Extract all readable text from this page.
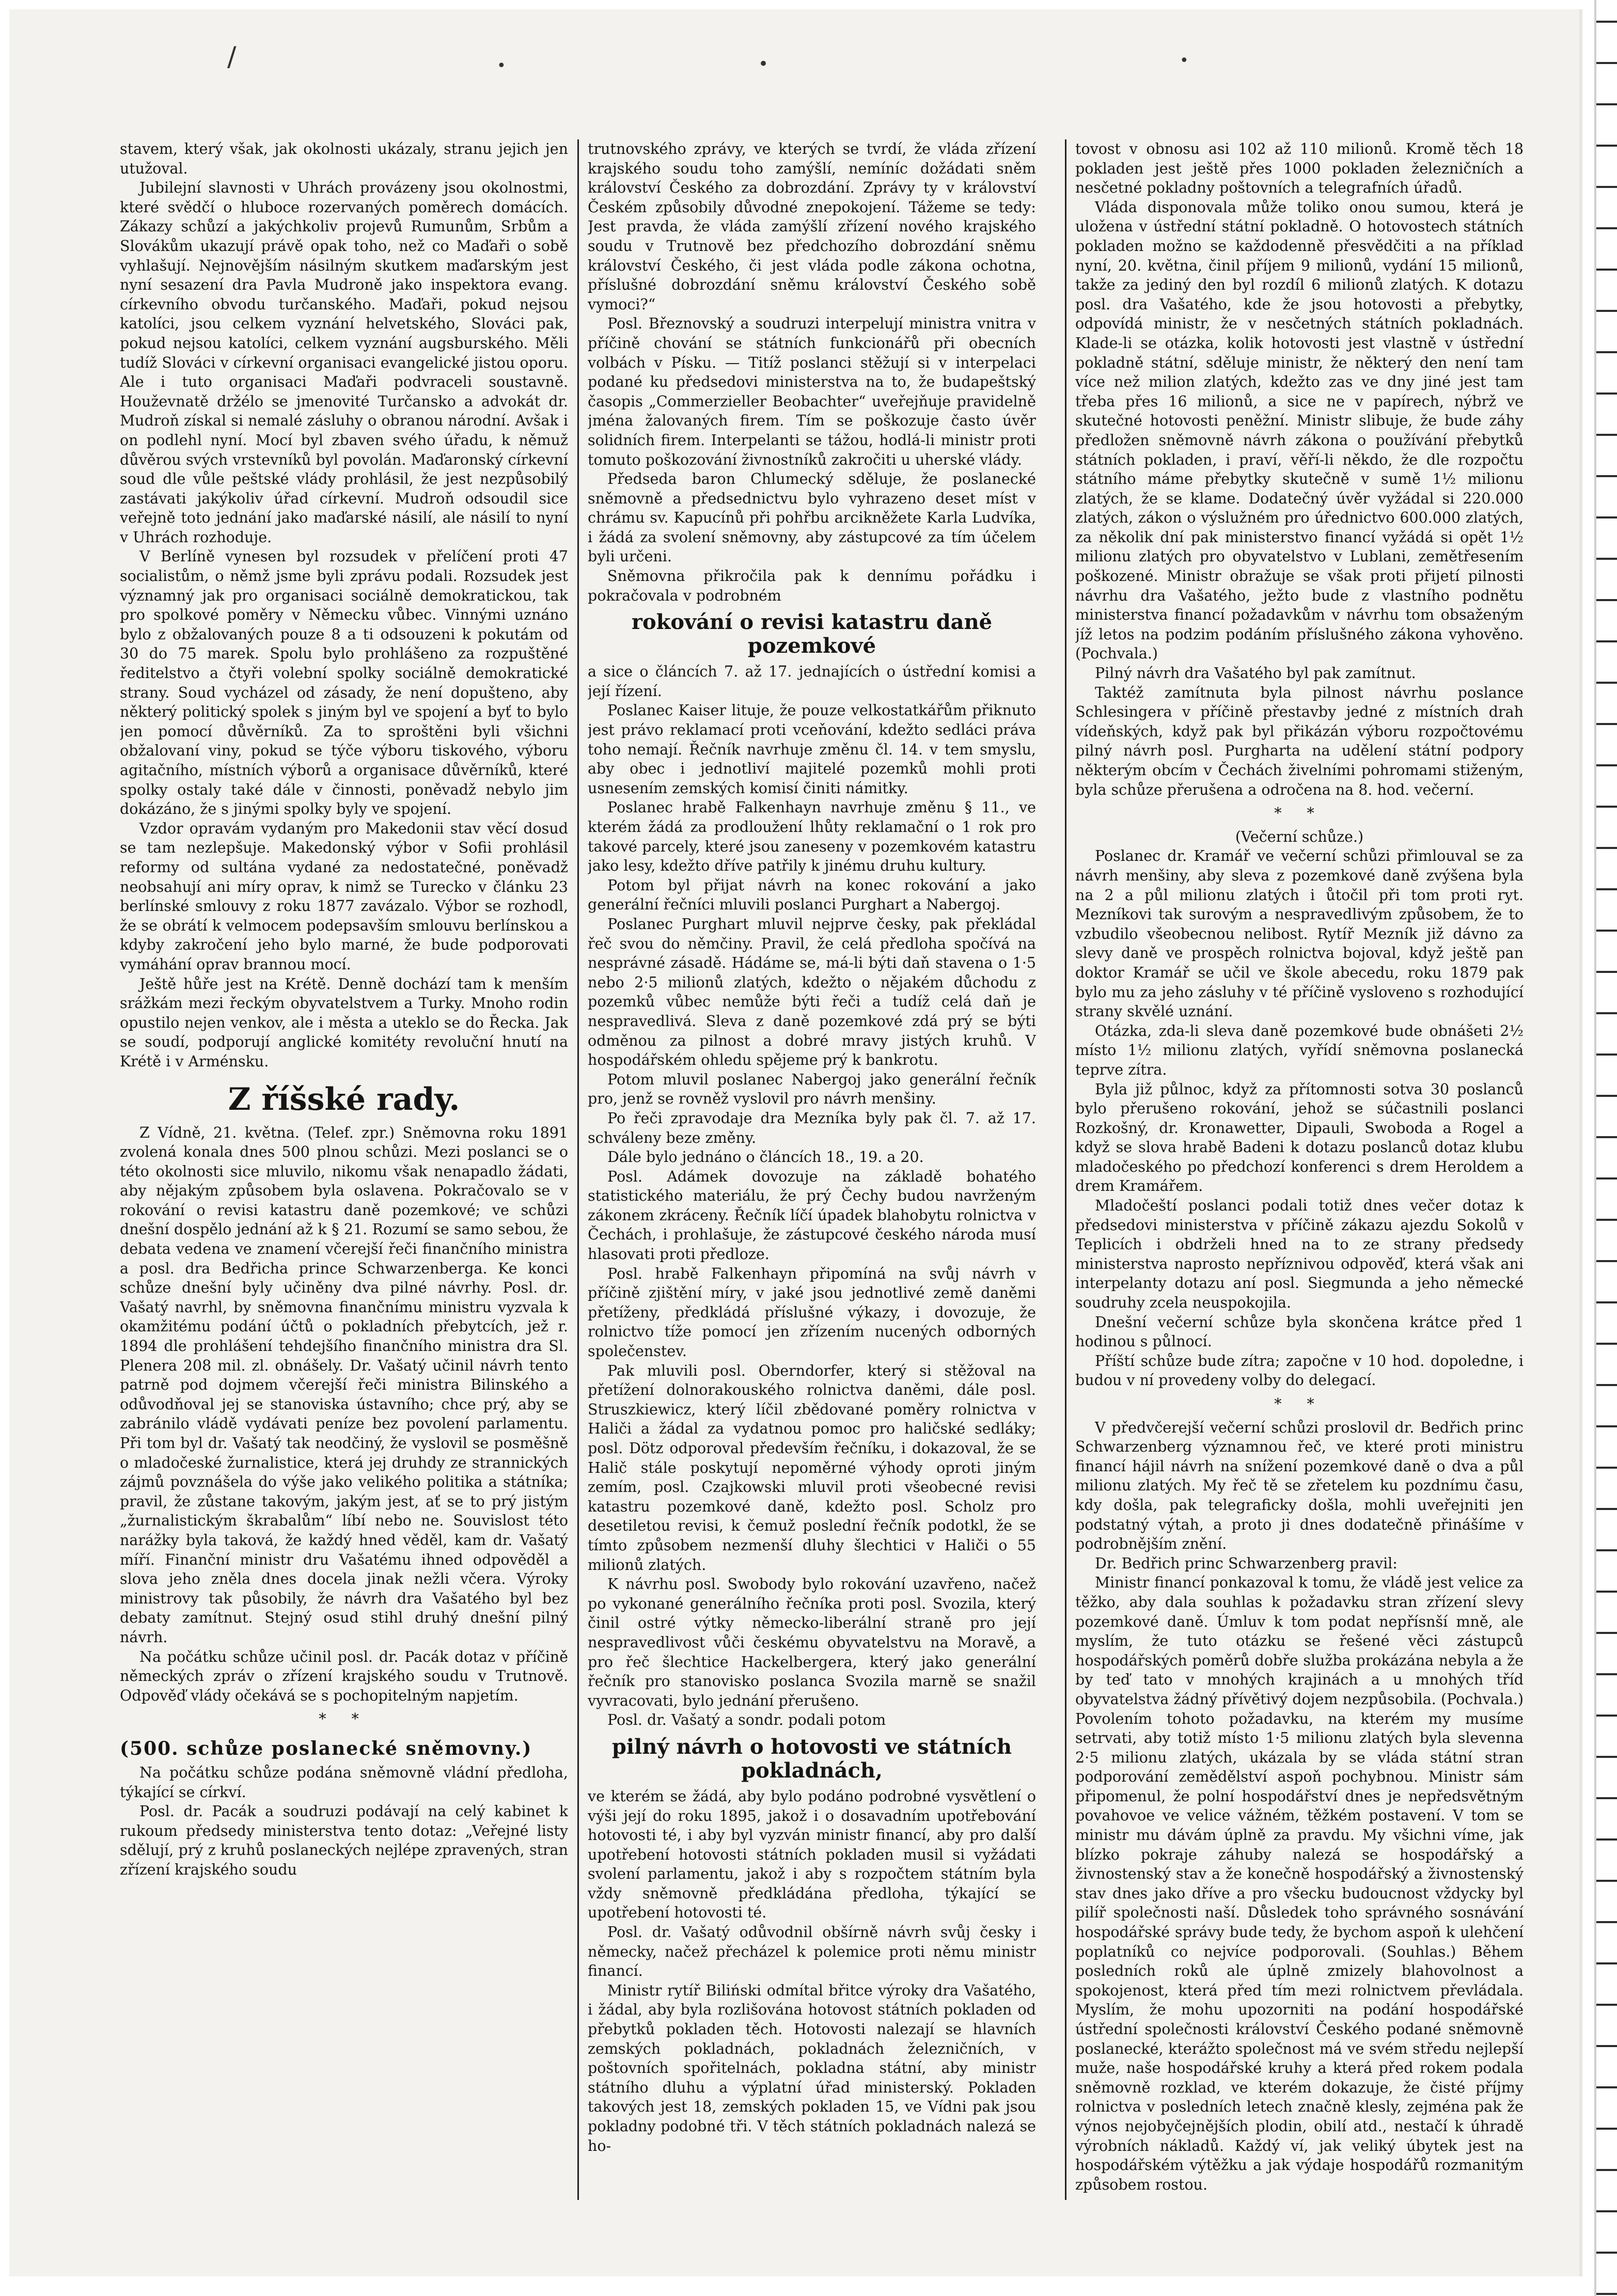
/	•	•	•

stavem, který však, jak okolnosti ukázaly, stranu jejich jen utužoval.

Jubilejní slavnosti v Uhrách provázeny jsou okolnostmi, které svědčí o hluboce rozervaných poměrech domácích. Zákazy schůzí a jakýchkoliv projevů Rumunům, Srbům a Slovákům ukazují právě opak toho, než co Maďaři o sobě vyhlašují. Nejnovějším násilným skutkem maďarským jest nyní sesazení dra Pavla Mudroně jako inspektora evang. církevního obvodu turčanského. Maďaři, pokud nejsou katolíci, jsou celkem vyznání helvetského, Slováci pak, pokud nejsou katolíci, celkem vyznání augsburského. Měli tudíž Slováci v církevní organisaci evangelické jistou oporu. Ale i tuto organisaci Maďaři podvraceli soustavně. Houževnatě držélo se jmenovité Turčansko a advokát dr. Mudroň získal si nemalé zásluhy o obranou národní. Avšak i on podlehl nyní. Mocí byl zbaven svého úřadu, k němuž důvěrou svých vrstevníků byl povolán. Maďaronský církevní soud dle vůle peštské vlády prohlásil, že jest nezpůsobilý zastávati jakýkoliv úřad církevní. Mudroň odsoudil sice veřejně toto jednání jako maďarské násilí, ale násilí to nyní v Uhrách rozhoduje.

V Berlíně vynesen byl rozsudek v přelíčení proti 47 socialistům, o němž jsme byli zprávu podali. Rozsudek jest významný jak pro organisaci sociálně demokratickou, tak pro spolkové poměry v Německu vůbec. Vinnými uznáno bylo z obžalovaných pouze 8 a ti odsouzeni k pokutám od 30 do 75 marek. Spolu bylo prohlášeno za rozpuštěné ředitelstvo a čtyři volební spolky sociálně demokratické strany. Soud vycházel od zásady, že není dopušteno, aby některý politický spolek s jiným byl ve spojení a byť to bylo jen pomocí důvěrníků. Za to sproštěni byli všichni obžalovaní viny, pokud se týče výboru tiskového, výboru agitačního, místních výborů a organisace důvěrníků, které spolky ostaly také dále v činnosti, poněvadž nebylo jim dokázáno, že s jinými spolky byly ve spojení.

Vzdor opravám vydaným pro Makedonii stav věcí dosud se tam nezlepšuje. Makedonský výbor v Sofii prohlásil reformy od sultána vydané za nedostatečné, poněvadž neobsahují ani míry oprav, k nimž se Turecko v článku 23 berlínské smlouvy z roku 1877 zavázalo. Výbor se rozhodl, že se obrátí k velmocem podepsavším smlouvu berlínskou a kdyby zakročení jeho bylo marné, že bude podporovati vymáhání oprav brannou mocí.

Ještě hůře jest na Krétě. Denně dochází tam k menším srážkám mezi řeckým obyvatelstvem a Turky. Mnoho rodin opustilo nejen venkov, ale i města a uteklo se do Řecka. Jak se soudí, podporují anglické komitéty revoluční hnutí na Krétě i v Arménsku.

Z říšské rady.

Z Vídně, 21. května. (Telef. zpr.) Sněmovna roku 1891 zvolená konala dnes 500 plnou schůzi. Mezi poslanci se o této okolnosti sice mluvilo, nikomu však nenapadlo žádati, aby nějakým způsobem byla oslavena. Pokračovalo se v rokování o revisi katastru daně pozemkové; ve schůzi dnešní dospělo jednání až k § 21. Rozumí se samo sebou, že debata vedena ve znamení včerejší řeči finančního ministra a posl. dra Bedřicha prince Schwarzenberga. Ke konci schůze dnešní byly učiněny dva pilné návrhy. Posl. dr. Vašatý navrhl, by sněmovna finančnímu ministru vyzvala k okamžitému podání účtů o pokladních přebytcích, jež r. 1894 dle prohlášení tehdejšího finančního ministra dra Sl. Plenera 208 mil. zl. obnášely. Dr. Vašatý učinil návrh tento patrně pod dojmem včerejší řeči ministra Bilinského a odůvodňoval jej se stanoviska ústavního; chce prý, aby se zabránilo vládě vydávati peníze bez povolení parlamentu. Při tom byl dr. Vašatý tak neodčiný, že vyslovil se posměšně o mladočeské žurnalistice, která jej druhdy ze strannických zájmů povznášela do výše jako velikého politika a státníka; pravil, že zůstane takovým, jakým jest, ať se to prý jistým „žurnalistickým škrabalům“ líbí nebo ne. Souvislost této narážky byla taková, že každý hned věděl, kam dr. Vašatý míří. Finanční ministr dru Vašatému ihned odpověděl a slova jeho zněla dnes docela jinak nežli včera. Výroky ministrovy tak působily, že návrh dra Vašatého byl bez debaty zamítnut. Stejný osud stihl druhý dnešní pilný návrh.

Na počátku schůze učinil posl. dr. Pacák dotaz v příčině německých zpráv o zřízení krajského soudu v Trutnově. Odpověď vlády očekává se s pochopitelným napjetím.

* *

(500. schůze poslanecké sněmovny.)

Na počátku schůze podána sněmovně vládní předloha, týkající se církví.

Posl. dr. Pacák a soudruzi podávají na celý kabinet k rukoum předsedy ministerstva tento dotaz: „Veřejné listy sdělují, prý z kruhů poslaneckých nejlépe zpravených, stran zřízení krajského soudu

trutnovského zprávy, ve kterých se tvrdí, že vláda zřízení krajského soudu toho zamýšlí, nemíníc dožádati sněm království Českého za dobrozdání. Zprávy ty v království Českém způsobily důvodné znepokojení. Tážeme se tedy: Jest pravda, že vláda zamýšlí zřízení nového krajského soudu v Trutnově bez předchozího dobrozdání sněmu království Českého, či jest vláda podle zákona ochotna, příslušné dobrozdání sněmu království Českého sobě vymoci?“

Posl. Březnovský a soudruzi interpelují ministra vnitra v příčině chování se státních funkcionářů při obecních volbách v Písku. — Titíž poslanci stěžují si v interpelaci podané ku předsedovi ministerstva na to, že budapeštský časopis „Commerzieller Beobachter“ uveřejňuje pravidelně jména žalovaných firem. Tím se poškozuje často úvěr solidních firem. Interpelanti se tážou, hodlá-li ministr proti tomuto poškozování živnostníků zakročiti u uherské vlády.

Předseda baron Chlumecký sděluje, že poslanecké sněmovně a předsednictvu bylo vyhrazeno deset míst v chrámu sv. Kapucínů při pohřbu arcikněžete Karla Ludvíka, i žádá za svolení sněmovny, aby zástupcové za tím účelem byli určeni.

Sněmovna přikročila pak k dennímu pořádku i pokračovala v podrobném

rokování o revisi katastru daně pozemkové

a sice o článcích 7. až 17. jednajících o ústřední komisi a její řízení.

Poslanec Kaiser lituje, že pouze velkostatkářům přiknuto jest právo reklamací proti vceňování, kdežto sedláci práva toho nemají. Řečník navrhuje změnu čl. 14. v tem smyslu, aby obec i jednotliví majitelé pozemků mohli proti usnesením zemských komisí činiti námitky.

Poslanec hrabě Falkenhayn navrhuje změnu § 11., ve kterém žádá za prodloužení lhůty reklamační o 1 rok pro takové parcely, které jsou zaneseny v pozemkovém katastru jako lesy, kdežto dříve patřily k jinému druhu kultury.

Potom byl přijat návrh na konec rokování a jako generální řečníci mluvili poslanci Purghart a Nabergoj.

Poslanec Purghart mluvil nejprve česky, pak překládal řeč svou do němčiny. Pravil, že celá předloha spočívá na nesprávné zásadě. Hádáme se, má-li býti daň stavena o 1·5 nebo 2·5 milionů zlatých, kdežto o nějakém důchodu z pozemků vůbec nemůže býti řeči a tudíž celá daň je nespravedlivá. Sleva z daně pozemkové zdá prý se býti odměnou za pilnost a dobré mravy jistých kruhů. V hospodářském ohledu spějeme prý k bankrotu.

Potom mluvil poslanec Nabergoj jako generální řečník pro, jenž se rovněž vyslovil pro návrh menšiny.

Po řeči zpravodaje dra Mezníka byly pak čl. 7. až 17. schváleny beze změny.

Dále bylo jednáno o článcích 18., 19. a 20.

Posl. Adámek dovozuje na základě bohatého statistického materiálu, že prý Čechy budou navrženým zákonem zkráceny. Řečník líčí úpadek blahobytu rolnictva v Čechách, i prohlašuje, že zástupcové českého národa musí hlasovati proti předloze.

Posl. hrabě Falkenhayn připomíná na svůj návrh v příčině zjištění míry, v jaké jsou jednotlivé země daněmi přetíženy, předkládá příslušné výkazy, i dovozuje, že rolnictvo tíže pomocí jen zřízením nucených odborných společenstev.

Pak mluvili posl. Oberndorfer, který si stěžoval na přetížení dolnorakouského rolnictva daněmi, dále posl. Struszkiewicz, který líčil zbědované poměry rolnictva v Haliči a žádal za vydatnou pomoc pro haličské sedláky; posl. Dötz odporoval především řečníku, i dokazoval, že se Halič stále poskytují nepoměrné výhody oproti jiným zemím, posl. Czajkowski mluvil proti všeobecné revisi katastru pozemkové daně, kdežto posl. Scholz pro desetiletou revisi, k čemuž poslední řečník podotkl, že se tímto způsobem nezmenší dluhy šlechtici v Haliči o 55 milionů zlatých.

K návrhu posl. Swobody bylo rokování uzavřeno, načež po vykonané generálního řečníka proti posl. Svozila, který činil ostré výtky německo-liberální straně pro její nespravedlivost vůči českému obyvatelstvu na Moravě, a pro řeč šlechtice Hackelbergera, který jako generální řečník pro stanovisko poslanca Svozila marně se snažil vyvracovati, bylo jednání přerušeno.

Posl. dr. Vašatý a sondr. podali potom

pilný návrh o hotovosti ve státních pokladnách,

ve kterém se žádá, aby bylo podáno podrobné vysvětlení o výši její do roku 1895, jakož i o dosavadním upotřebování hotovosti té, i aby byl vyzván ministr financí, aby pro další upotřebení hotovosti státních pokladen musil si vyžádati svolení parlamentu, jakož i aby s rozpočtem státním byla vždy sněmovně předkládána předloha, týkající se upotřebení hotovosti té.

Posl. dr. Vašatý odůvodnil obšírně návrh svůj česky i německy, načež přecházel k polemice proti němu ministr financí.

Ministr rytíř Biliński odmítal břitce výroky dra Vašatého, i žádal, aby byla rozlišována hotovost státních pokladen od přebytků pokladen těch. Hotovosti nalezají se hlavních zemských pokladnách, pokladnách železničních, v poštovních spořitelnách, pokladna státní, aby ministr státního dluhu a výplatní úřad ministerský. Pokladen takových jest 18, zemských pokladen 15, ve Vídni pak jsou pokladny podobné tři. V těch státních pokladnách nalezá se ho-

tovost v obnosu asi 102 až 110 milionů. Kromě těch 18 pokladen jest ještě přes 1000 pokladen železničních a nesčetné pokladny poštovních a telegrafních úřadů.

Vláda disponovala může toliko onou sumou, která je uložena v ústřední státní pokladně. O hotovostech státních pokladen možno se každodenně přesvědčiti a na příklad nyní, 20. května, činil příjem 9 milionů, vydání 15 milionů, takže za jediný den byl rozdíl 6 milionů zlatých. K dotazu posl. dra Vašatého, kde že jsou hotovosti a přebytky, odpovídá ministr, že v nesčetných státních pokladnách. Klade-li se otázka, kolik hotovosti jest vlastně v ústřední pokladně státní, sděluje ministr, že některý den není tam více než milion zlatých, kdežto zas ve dny jiné jest tam třeba přes 16 milionů, a sice ne v papírech, nýbrž ve skutečné hotovosti peněžní. Ministr slibuje, že bude záhy předložen sněmovně návrh zákona o používání přebytků státních pokladen, i praví, věří-li někdo, že dle rozpočtu státního máme přebytky skutečně v sumě 1½ milionu zlatých, že se klame. Dodatečný úvěr vyžádal si 220.000 zlatých, zákon o výslužném pro úřednictvo 600.000 zlatých, za několik dní pak ministerstvo financí vyžádá si opět 1½ milionu zlatých pro obyvatelstvo v Lublani, zemětřesením poškozené. Ministr obražuje se však proti přijetí pilnosti návrhu dra Vašatého, ježto bude z vlastního podnětu ministerstva financí požadavkům v návrhu tom obsaženým jíž letos na podzim podáním příslušného zákona vyhověno. (Pochvala.)

Pilný návrh dra Vašatého byl pak zamítnut.

Taktéž zamítnuta byla pilnost návrhu poslance Schlesingera v příčině přestavby jedné z místních drah vídeňských, když pak byl přikázán výboru rozpočtovému pilný návrh posl. Purgharta na udělení státní podpory některým obcím v Čechách živelními pohromami stiženým, byla schůze přerušena a odročena na 8. hod. večerní.

* *

(Večerní schůze.)

Poslanec dr. Kramář ve večerní schůzi přimlouval se za návrh menšiny, aby sleva z pozemkové daně zvýšena byla na 2 a půl milionu zlatých i ůtočil při tom proti ryt. Mezníkovi tak surovým a nespravedlivým způsobem, že to vzbudilo všeobecnou nelibost. Rytíř Mezník již dávno za slevy daně ve prospěch rolnictva bojoval, když ještě pan doktor Kramář se učil ve škole abecedu, roku 1879 pak bylo mu za jeho zásluhy v té příčině vysloveno s rozhodující strany skvělé uznání.

Otázka, zda-li sleva daně pozemkové bude obnášeti 2½ místo 1½ milionu zlatých, vyřídí sněmovna poslanecká teprve zítra.

Byla již půlnoc, když za přítomnosti sotva 30 poslanců bylo přerušeno rokování, jehož se súčastnili poslanci Rozkošný, dr. Kronawetter, Dipauli, Swoboda a Rogel a když se slova hrabě Badeni k dotazu poslanců dotaz klubu mladočeského po předchozí konferenci s drem Heroldem a drem Kramářem.

Mladočeští poslanci podali totiž dnes večer dotaz k předsedovi ministerstva v příčině zákazu ajezdu Sokolů v Teplicích i obdrželi hned na to ze strany předsedy ministerstva naprosto nepříznivou odpověď, která však ani interpelanty dotazu aní posl. Siegmunda a jeho německé soudruhy zcela neuspokojila.

Dnešní večerní schůze byla skončena krátce před 1 hodinou s půlnocí.

Příští schůze bude zítra; započne v 10 hod. dopoledne, i budou v ní provedeny volby do delegací.

* *

V předvčerejší večerní schůzi proslovil dr. Bedřich princ Schwarzenberg významnou řeč, ve které proti ministru financí hájil návrh na snížení pozemkové daně o dva a půl milionu zlatých. My řeč tě se zřetelem ku pozdnímu času, kdy došla, pak telegraficky došla, mohli uveřejniti jen podstatný výtah, a proto ji dnes dodatečně přinášíme v podrobnějším znění.

Dr. Bedřich princ Schwarzenberg pravil:

Ministr financí ponkazoval k tomu, že vládě jest velice za těžko, aby dala souhlas k požadavku stran zřízení slevy pozemkové daně. Úmluv k tom podat nepřísnší mně, ale myslím, že tuto otázku se řešené věci zástupců hospodářských poměrů dobře služba prokázána nebyla a že by teď tato v mnohých krajinách a u mnohých tříd obyvatelstva žádný přívětivý dojem nezpůsobila. (Pochvala.) Povolením tohoto požadavku, na kterém my musíme setrvati, aby totiž místo 1·5 milionu zlatých byla slevenna 2·5 milionu zlatých, ukázala by se vláda státní stran podporování zemědělství aspoň pochybnou. Ministr sám připomenul, že polní hospodářství dnes je nepředsvětným povahovoe ve velice vážném, těžkém postavení. V tom se ministr mu dávám úplně za pravdu. My všichni víme, jak blízko pokraje záhuby nalezá se hospodářský a živnostenský stav a že konečně hospodářský a živnostenský stav dnes jako dříve a pro všecku budoucnost vždycky byl pilíř společnosti naší. Důsledek toho správného sosnávání hospodářské správy bude tedy, že bychom aspoň k ulehčení poplatníků co nejvíce podporovali. (Souhlas.) Během posledních roků ale úplně zmizely blahovolnost a spokojenost, která před tím mezi rolnictvem převládala. Myslím, že mohu upozorniti na podání hospodářské ústřední společnosti království Českého podané sněmovně poslanecké, kterážto společnost má ve svém středu nejlepší muže, naše hospodářské kruhy a která před rokem podala sněmovně rozklad, ve kterém dokazuje, že čisté příjmy rolnictva v posledních letech značně klesly, zejména pak že výnos nejobyčejnějších plodin, obilí atd., nestačí k úhradě výrobních nákladů. Každý ví, jak veliký úbytek jest na hospodářském výtěžku a jak výdaje hospodářů rozmanitým způsobem rostou.
